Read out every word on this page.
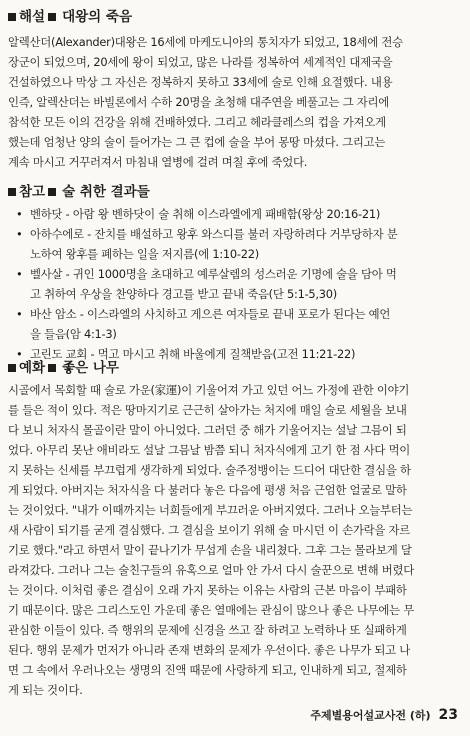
해설 대왕의 죽음

알렉산더(Alexander)대왕은 16세에 마케도니아의 통치자가 되었고, 18세에 전승
장군이 되었으며, 20세에 왕이 되었고, 많은 나라를 정복하여 세계적인 대제국을
건설하였으나 막상 그 자신은 정복하지 못하고 33세에 술로 인해 요절했다. 내용
인즉, 알렉산더는 바빌론에서 수하 20명을 초청해 대주연을 베풀고는 그 자리에
참석한 모든 이의 건강을 위해 건배하였다. 그리고 헤라클레스의 컵을 가져오게
했는데 엄청난 양의 술이 들어가는 그 큰 컵에 술을 부어 몽땅 마셨다. 그리고는
계속 마시고 거꾸러져서 마침내 열병에 걸려 며칠 후에 죽었다.

참고 술 취한 결과들
• 벤하닷 - 아람 왕 벤하닷이 술 취해 이스라엘에게 패배함(왕상 20:16-21)
• 아하수에로 - 잔치를 배설하고 왕후 와스디를 불러 자랑하려다 거부당하자 분
노하여 왕후를 폐하는 일을 저지름(에 1:10-22)
• 벨사살 - 귀인 1000명을 초대하고 예루살렘의 성스러운 기명에 술을 담아 먹
고 취하여 우상을 찬양하다 경고를 받고 끝내 죽음(단 5:1-5,30)
• 바산 암소 - 이스라엘의 사치하고 게으른 여자들로 끝내 포로가 된다는 예언
을 들음(암 4:1-3)
• 고린도 교회 - 먹고 마시고 취해 바울에게 질책받음(고전 11:21-22)
예화 좋은 나무

시골에서 목회할 때 술로 가운(家運)이 기울어져 가고 있던 어느 가정에 관한 이야기
를 들은 적이 있다. 적은 땅마지기로 근근히 살아가는 처지에 매일 술로 세월을 보내
다 보니 처자식 몰골이란 말이 아니었다. 그러던 중 해가 기울어지는 설날 그믐이 되
었다. 아무리 못난 애비라도 설날 그믐날 밤쯤 되니 처자식에게 고기 한 점 사다 먹이
지 못하는 신세를 부끄럽게 생각하게 되었다. 술주정뱅이는 드디어 대단한 결심을 하
게 되었다. 아버지는 처자식을 다 불러다 놓은 다음에 평생 처음 근엄한 얼굴로 말하
는 것이었다. "내가 이때까지는 너희들에게 부끄러운 아버지였다. 그러나 오늘부터는
새 사람이 되기를 굳게 결심했다. 그 결심을 보이기 위해 술 마시던 이 손가락을 자르
기로 했다."라고 하면서 말이 끝나기가 무섭게 손을 내리쳤다. 그후 그는 몰라보게 달
라져갔다. 그러나 그는 술친구들의 유혹으로 얼마 안 가서 다시 술꾼으로 변해 버렸다
는 것이다. 이처럼 좋은 결심이 오래 가지 못하는 이유는 사람의 근본 마음이 부패하
기 때문이다. 많은 그리스도인 가운데 좋은 열매에는 관심이 많으나 좋은 나무에는 무
관심한 이들이 있다. 즉 행위의 문제에 신경을 쓰고 잘 하려고 노력하나 또 실패하게
된다. 행위 문제가 먼저가 아니라 존재 변화의 문제가 우선이다. 좋은 나무가 되고 나
면 그 속에서 우러나오는 생명의 진액 때문에 사랑하게 되고, 인내하게 되고, 절제하
게 되는 것이다.

주제별용어설교사전 (하) 23
